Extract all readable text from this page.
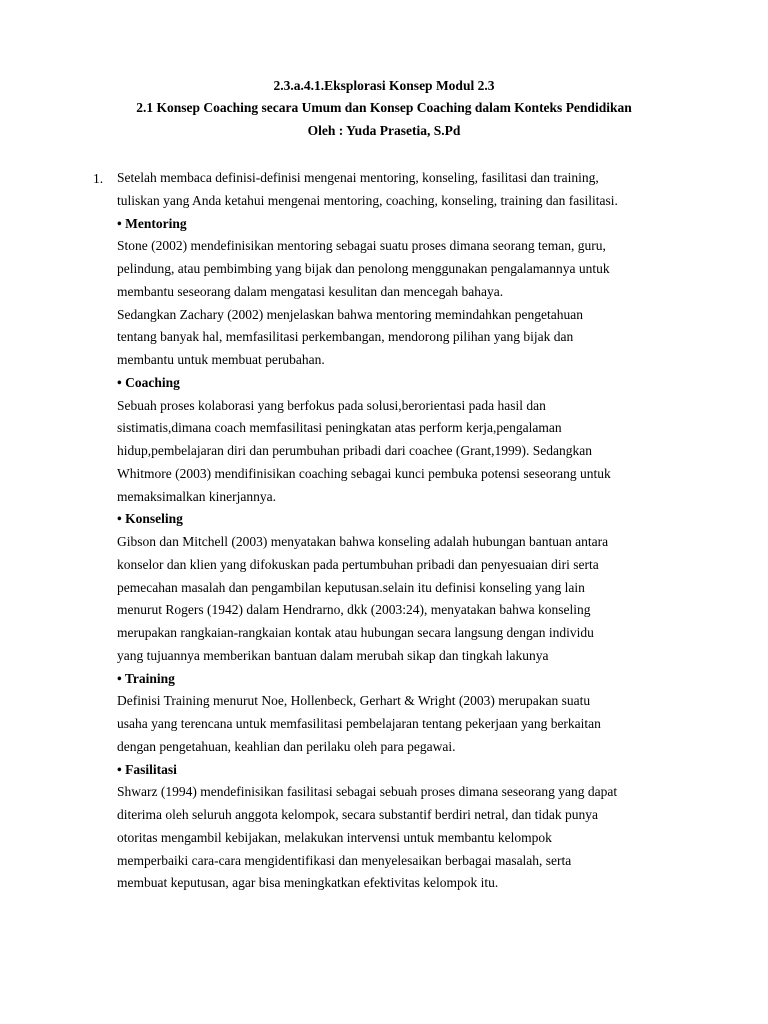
2.3.a.4.1.Eksplorasi Konsep Modul 2.3
2.1 Konsep Coaching secara Umum dan Konsep Coaching dalam Konteks Pendidikan
Oleh : Yuda Prasetia, S.Pd
1. Setelah membaca definisi-definisi mengenai mentoring, konseling, fasilitasi dan training,
tuliskan yang Anda ketahui mengenai mentoring, coaching, konseling, training dan fasilitasi.
• Mentoring
Stone (2002) mendefinisikan mentoring sebagai suatu proses dimana seorang teman, guru,
pelindung, atau pembimbing yang bijak dan penolong menggunakan pengalamannya untuk
membantu seseorang dalam mengatasi kesulitan dan mencegah bahaya.
Sedangkan Zachary (2002) menjelaskan bahwa mentoring memindahkan pengetahuan
tentang banyak hal, memfasilitasi perkembangan, mendorong pilihan yang bijak dan
membantu untuk membuat perubahan.
• Coaching
Sebuah proses kolaborasi yang berfokus pada solusi,berorientasi pada hasil dan
sistimatis,dimana coach memfasilitasi peningkatan atas perform kerja,pengalaman
hidup,pembelajaran diri dan perumbuhan pribadi dari coachee (Grant,1999). Sedangkan
Whitmore (2003) mendifinisikan coaching sebagai kunci pembuka potensi seseorang untuk
memaksimalkan kinerjannya.
• Konseling
Gibson dan Mitchell (2003) menyatakan bahwa konseling adalah hubungan bantuan antara
konselor dan klien yang difokuskan pada pertumbuhan pribadi dan penyesuaian diri serta
pemecahan masalah dan pengambilan keputusan.selain itu definisi konseling yang lain
menurut Rogers (1942) dalam Hendrarno, dkk (2003:24), menyatakan bahwa konseling
merupakan rangkaian-rangkaian kontak atau hubungan secara langsung dengan individu
yang tujuannya memberikan bantuan dalam merubah sikap dan tingkah lakunya
• Training
Definisi Training menurut Noe, Hollenbeck, Gerhart & Wright (2003) merupakan suatu
usaha yang terencana untuk memfasilitasi pembelajaran tentang pekerjaan yang berkaitan
dengan pengetahuan, keahlian dan perilaku oleh para pegawai.
• Fasilitasi
Shwarz (1994) mendefinisikan fasilitasi sebagai sebuah proses dimana seseorang yang dapat
diterima oleh seluruh anggota kelompok, secara substantif berdiri netral, dan tidak punya
otoritas mengambil kebijakan, melakukan intervensi untuk membantu kelompok
memperbaiki cara-cara mengidentifikasi dan menyelesaikan berbagai masalah, serta
membuat keputusan, agar bisa meningkatkan efektivitas kelompok itu.
